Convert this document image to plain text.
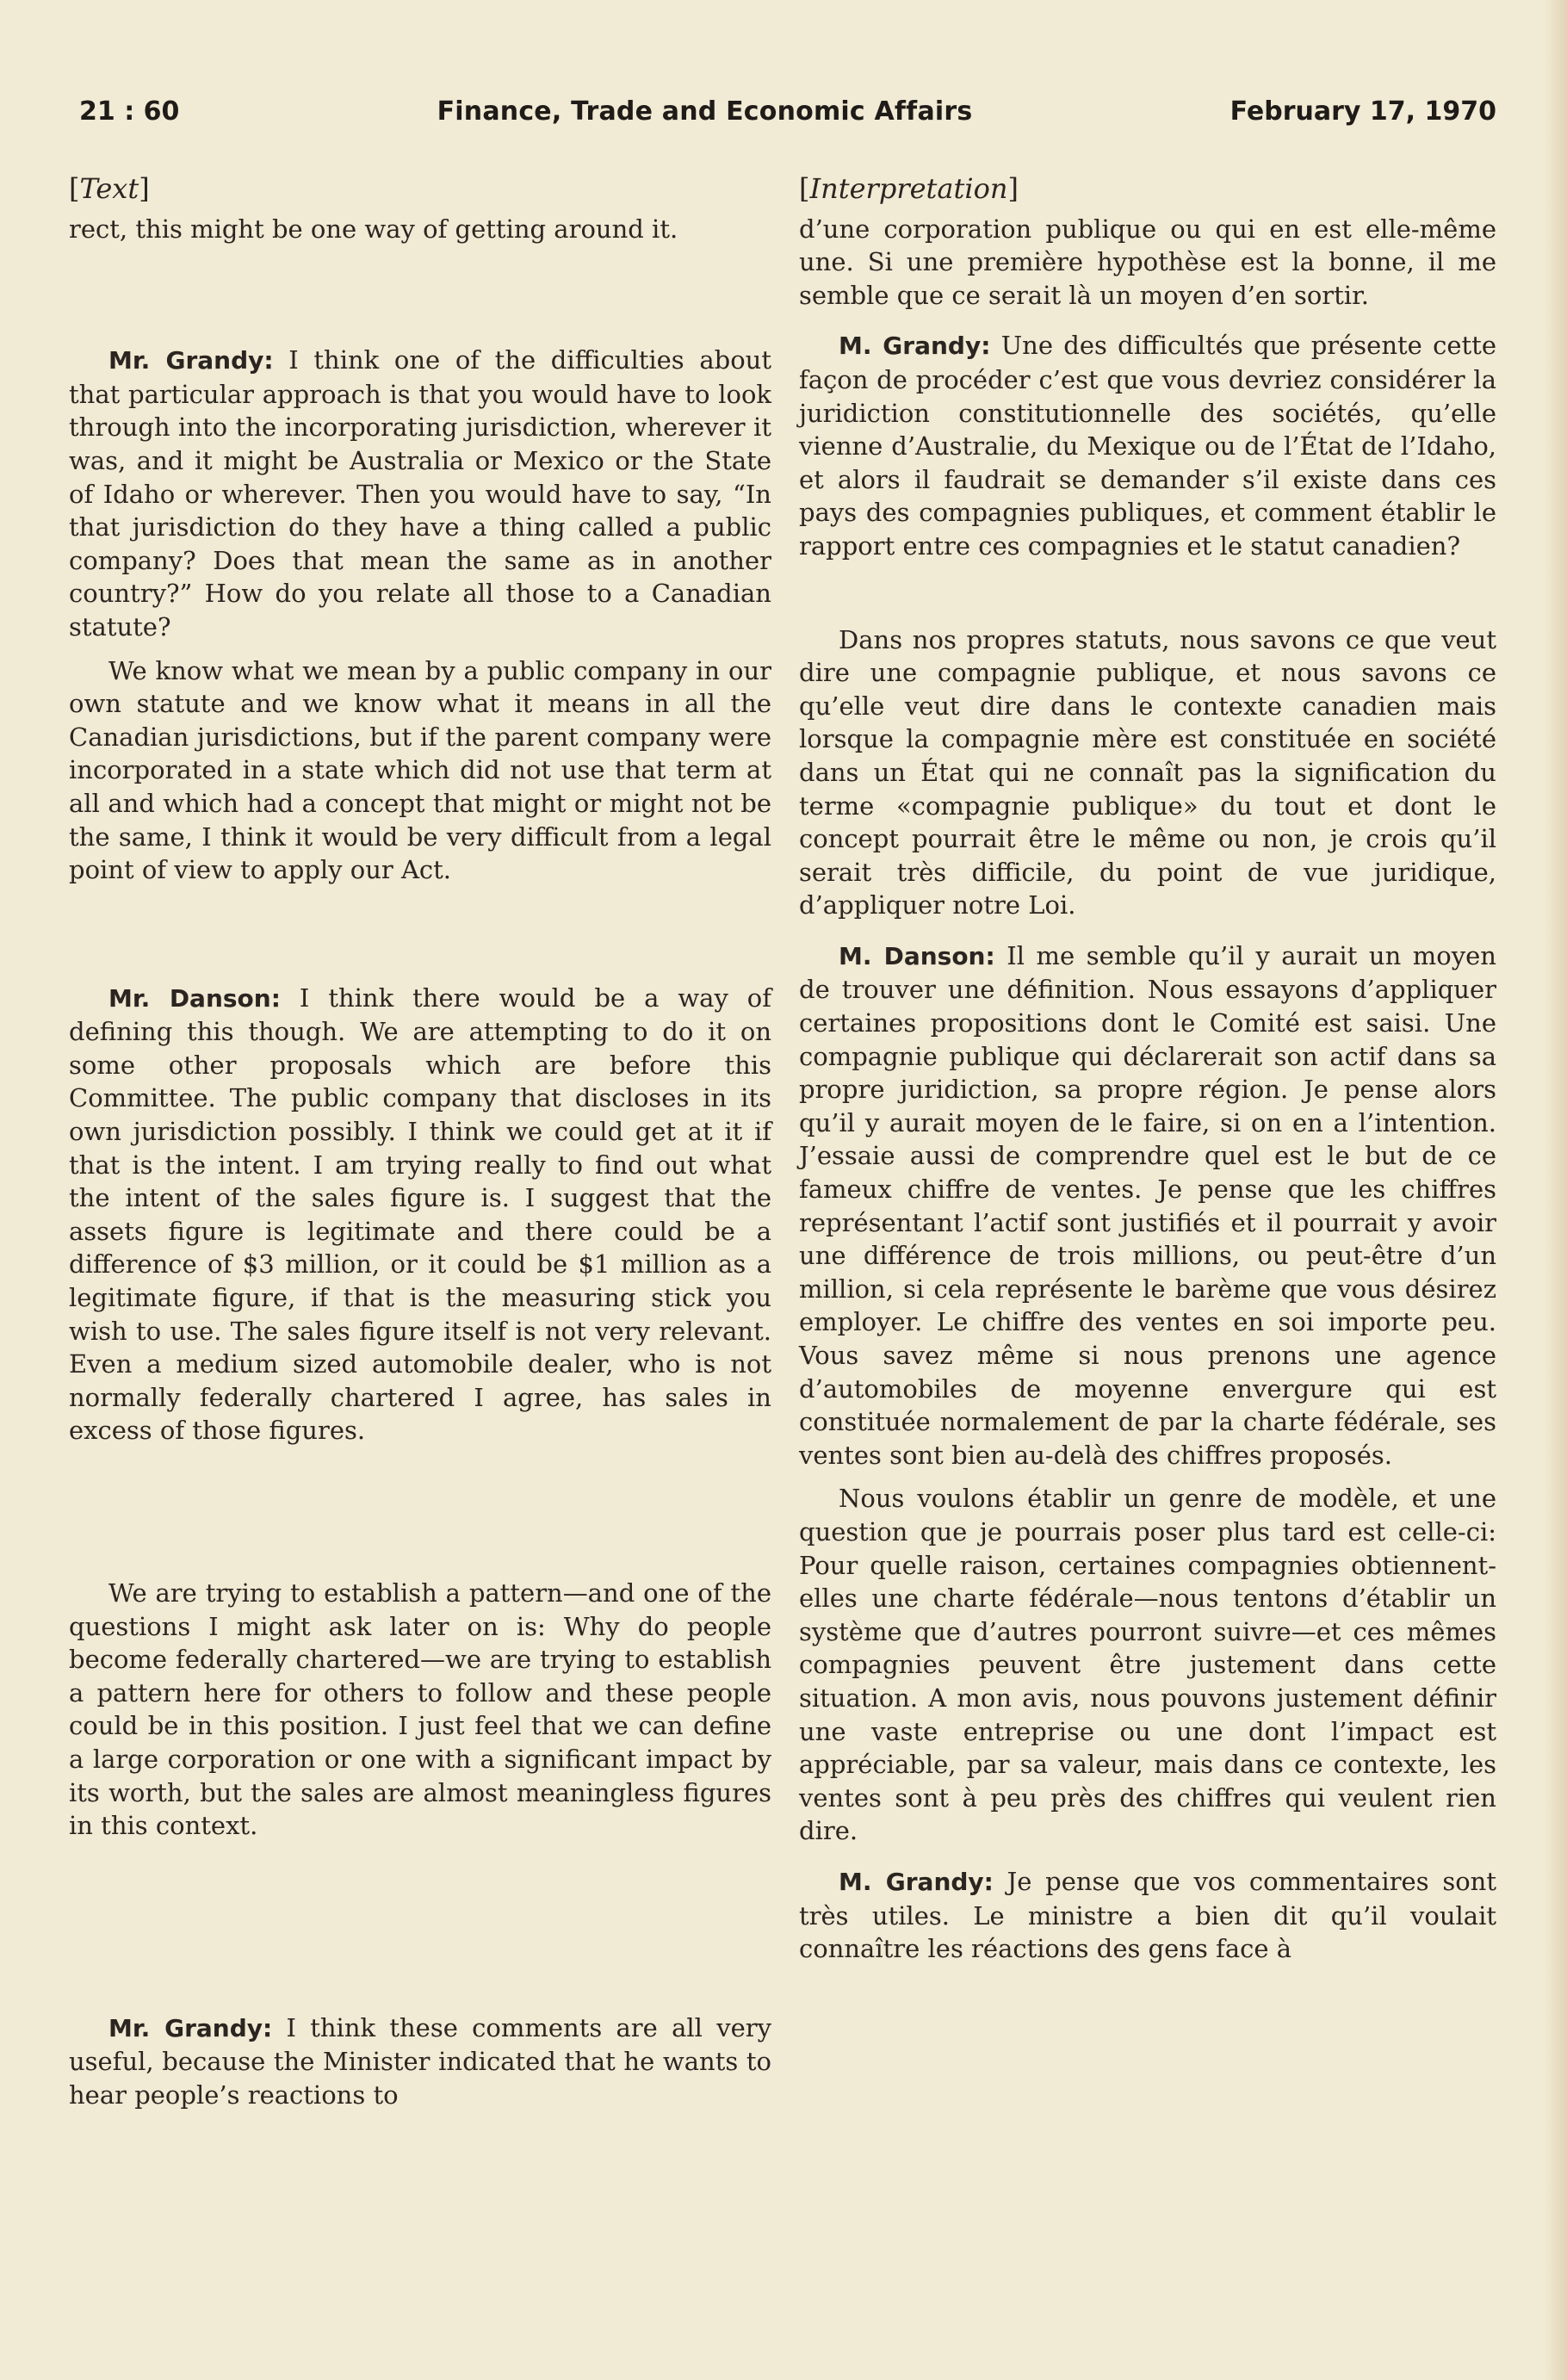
21 : 60	Finance, Trade and Economic Affairs	February 17, 1970
[Text]

rect, this might be one way of getting around it.

Mr. Grandy: I think one of the difficulties about that particular approach is that you would have to look through into the incorporating jurisdiction, wherever it was, and it might be Australia or Mexico or the State of Idaho or wherever. Then you would have to say, “In that jurisdiction do they have a thing called a public company? Does that mean the same as in another country?” How do you relate all those to a Canadian statute?

We know what we mean by a public company in our own statute and we know what it means in all the Canadian jurisdictions, but if the parent company were incorporated in a state which did not use that term at all and which had a concept that might or might not be the same, I think it would be very difficult from a legal point of view to apply our Act.

Mr. Danson: I think there would be a way of defining this though. We are attempting to do it on some other proposals which are before this Committee. The public company that discloses in its own jurisdiction possibly. I think we could get at it if that is the intent. I am trying really to find out what the intent of the sales figure is. I suggest that the assets figure is legitimate and there could be a difference of $3 million, or it could be $1 million as a legitimate figure, if that is the measuring stick you wish to use. The sales figure itself is not very relevant. Even a medium sized automobile dealer, who is not normally federally chartered I agree, has sales in excess of those figures.

We are trying to establish a pattern—and one of the questions I might ask later on is: Why do people become federally chartered—we are trying to establish a pattern here for others to follow and these people could be in this position. I just feel that we can define a large corporation or one with a significant impact by its worth, but the sales are almost meaningless figures in this context.

Mr. Grandy: I think these comments are all very useful, because the Minister indicated that he wants to hear people’s reactions to

[Interpretation]

d’une corporation publique ou qui en est elle-même une. Si une première hypothèse est la bonne, il me semble que ce serait là un moyen d’en sortir.

M. Grandy: Une des difficultés que présente cette façon de procéder c’est que vous devriez considérer la juridiction constitutionnelle des sociétés, qu’elle vienne d’Australie, du Mexique ou de l’État de l’Idaho, et alors il faudrait se demander s’il existe dans ces pays des compagnies publiques, et comment établir le rapport entre ces compagnies et le statut canadien?

Dans nos propres statuts, nous savons ce que veut dire une compagnie publique, et nous savons ce qu’elle veut dire dans le contexte canadien mais lorsque la compagnie mère est constituée en société dans un État qui ne connaît pas la signification du terme «compagnie publique» du tout et dont le concept pourrait être le même ou non, je crois qu’il serait très difficile, du point de vue juridique, d’appliquer notre Loi.

M. Danson: Il me semble qu’il y aurait un moyen de trouver une définition. Nous essayons d’appliquer certaines propositions dont le Comité est saisi. Une compagnie publique qui déclarerait son actif dans sa propre juridiction, sa propre région. Je pense alors qu’il y aurait moyen de le faire, si on en a l’intention. J’essaie aussi de comprendre quel est le but de ce fameux chiffre de ventes. Je pense que les chiffres représentant l’actif sont justifiés et il pourrait y avoir une différence de trois millions, ou peut-être d’un million, si cela représente le barème que vous désirez employer. Le chiffre des ventes en soi importe peu. Vous savez même si nous prenons une agence d’automobiles de moyenne envergure qui est constituée normalement de par la charte fédérale, ses ventes sont bien au-delà des chiffres proposés.

Nous voulons établir un genre de modèle, et une question que je pourrais poser plus tard est celle-ci: Pour quelle raison, certaines compagnies obtiennent-elles une charte fédérale—nous tentons d’établir un système que d’autres pourront suivre—et ces mêmes compagnies peuvent être justement dans cette situation. A mon avis, nous pouvons justement définir une vaste entreprise ou une dont l’impact est appréciable, par sa valeur, mais dans ce contexte, les ventes sont à peu près des chiffres qui veulent rien dire.

M. Grandy: Je pense que vos commentaires sont très utiles. Le ministre a bien dit qu’il voulait connaître les réactions des gens face à
